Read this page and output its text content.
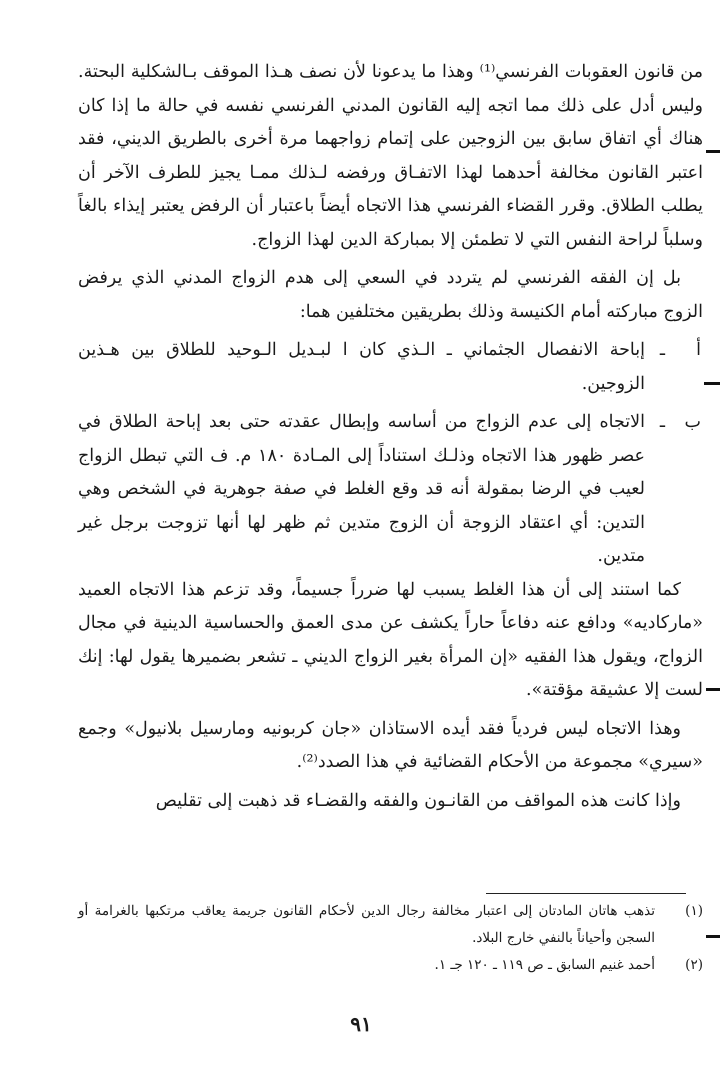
من قانون العقوبات الفرنسي⁽¹⁾ وهذا ما يدعونا لأن نصف هـذا الموقف بـالشكلية البحتة. وليس أدل على ذلك مما اتجه إليه القانون المدني الفرنسي نفسه في حالة ما إذا كان هناك أي اتفاق سابق بين الزوجين على إتمام زواجهما مرة أخرى بالطريق الديني، فقد اعتبر القانون مخالفة أحدهما لهذا الاتفـاق ورفضه لـذلك ممـا يجيز للطرف الآخر أن يطلب الطلاق. وقرر القضاء الفرنسي هذا الاتجاه أيضاً باعتبار أن الرفض يعتبر إيذاء بالغاً وسلباً لراحة النفس التي لا تطمئن إلا بمباركة الدين لهذا الزواج.

بل إن الفقه الفرنسي لم يتردد في السعي إلى هدم الزواج المدني الذي يرفض الزوج مباركته أمام الكنيسة وذلك بطريقين مختلفين هما:

أ
ـ
إباحة الانفصال الجثماني ـ الـذي كان ا لبـديل الـوحيد للطلاق بين هـذين الزوجين.
ب
ـ
الاتجاه إلى عدم الزواج من أساسه وإبطال عقدته حتى بعد إباحة الطلاق في عصر ظهور هذا الاتجاه وذلـك استناداً إلى المـادة ١٨٠ م. ف التي تبطل الزواج لعيب في الرضا بمقولة أنه قد وقع الغلط في صفة جوهرية في الشخص وهي التدين: أي اعتقاد الزوجة أن الزوج متدين ثم ظهر لها أنها تزوجت برجل غير متدين.

كما استند إلى أن هذا الغلط يسبب لها ضرراً جسيماً، وقد تزعم هذا الاتجاه العميد «ماركاديه» ودافع عنه دفاعاً حاراً يكشف عن مدى العمق والحساسية الدينية في مجال الزواج، ويقول هذا الفقيه «إن المرأة بغير الزواج الديني ـ تشعر بضميرها يقول لها: إنك لست إلا عشيقة مؤقتة».

وهذا الاتجاه ليس فردياً فقد أيده الاستاذان «جان كربونيه ومارسيل بلانيول» وجمع «سيري» مجموعة من الأحكام القضائية في هذا الصدد⁽²⁾.

وإذا كانت هذه المواقف من القانـون والفقه والقضـاء قد ذهبت إلى تقليص

(١)
تذهب هاتان المادتان إلى اعتبار مخالفة رجال الدين لأحكام القانون جريمة يعاقب مرتكبها بالغرامة أو السجن وأحياناً بالنفي خارج البلاد.
(٢)
أحمد غنيم السابق ـ ص ١١٩ ـ ١٢٠ جـ ١.
٩١
